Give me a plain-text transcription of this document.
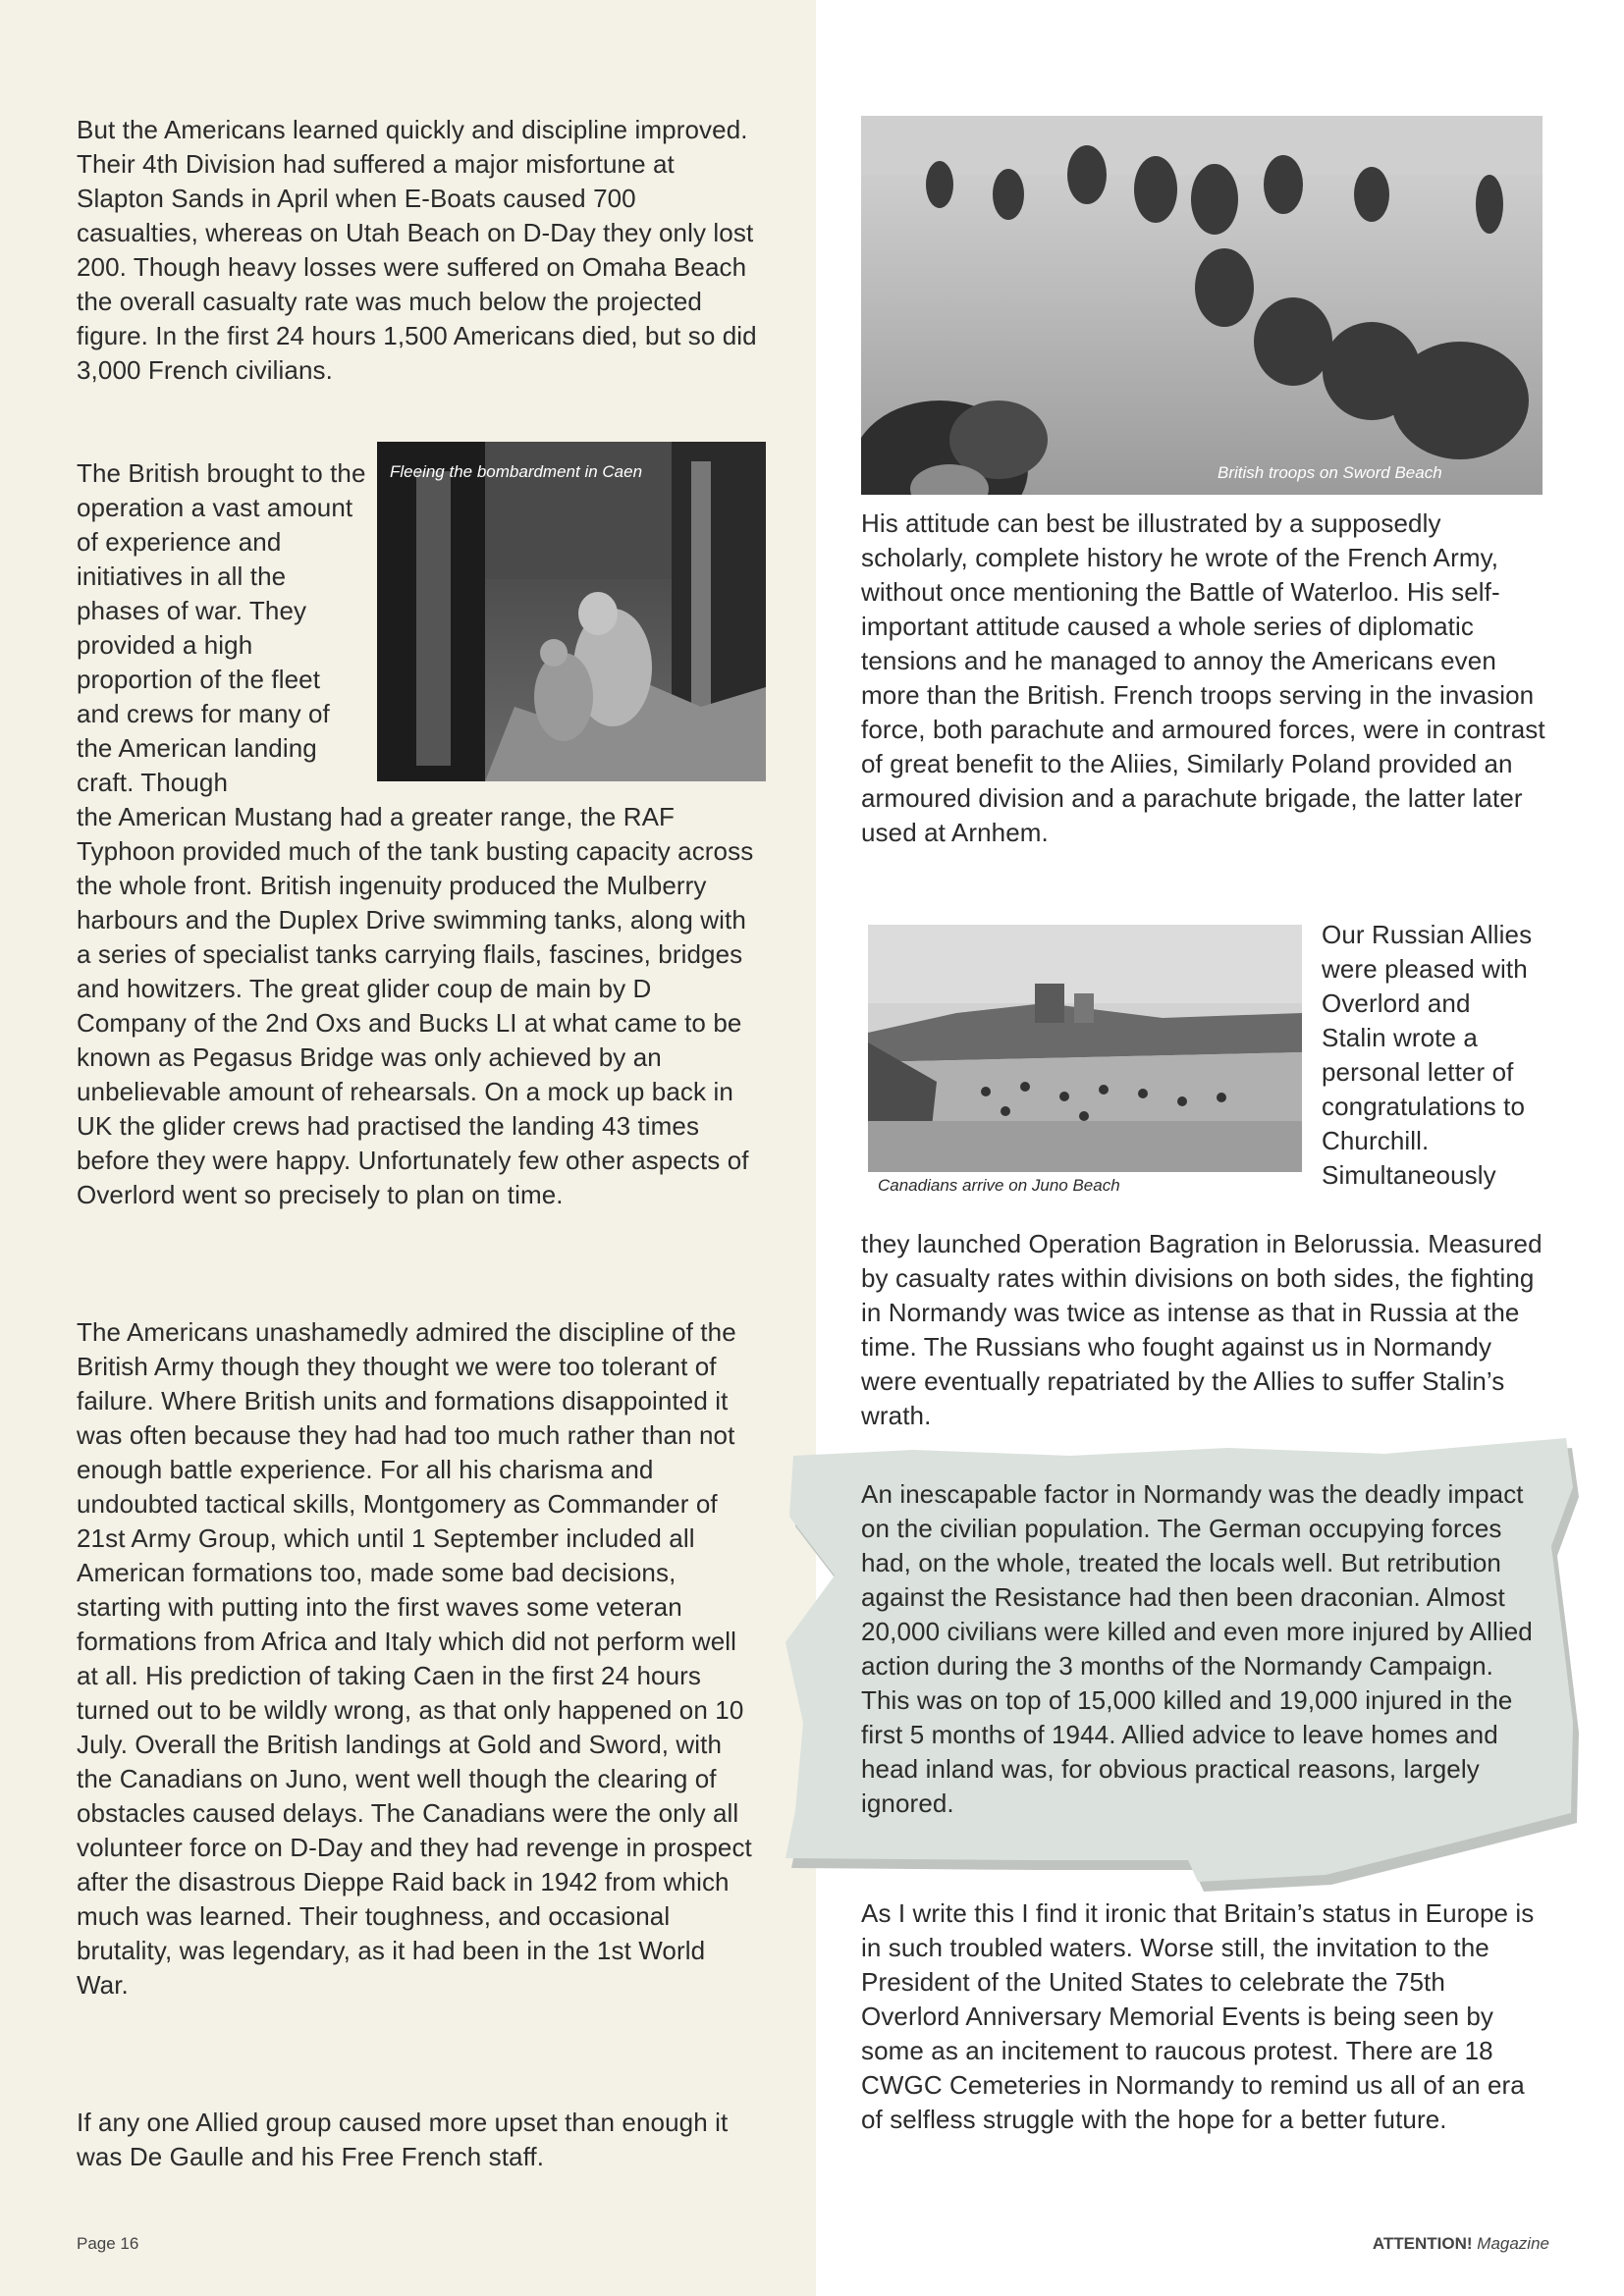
But the Americans learned quickly and discipline improved. Their 4th Division had suffered a major misfortune at Slapton Sands in April when E-Boats caused 700 casualties, whereas on Utah Beach on D-Day they only lost 200. Though heavy losses were suffered on Omaha Beach the overall casualty rate was much below the projected figure. In the first 24 hours 1,500 Americans died, but so did 3,000 French civilians.

The British brought to the operation a vast amount of experience and initiatives in all the phases of war. They provided a high proportion of the fleet and crews for many of the American landing craft. Though

Fleeing the bombardment in Caen

the American Mustang had a greater range, the RAF Typhoon provided much of the tank busting capacity across the whole front. British ingenuity produced the Mulberry harbours and the Duplex Drive swimming tanks, along with a series of specialist tanks carrying flails, fascines, bridges and howitzers. The great glider coup de main by D Company of the 2nd Oxs and Bucks LI at what came to be known as Pegasus Bridge was only achieved by an unbelievable amount of rehearsals. On a mock up back in UK the glider crews had practised the landing 43 times before they were happy. Unfortunately few other aspects of Overlord went so precisely to plan on time.

The Americans unashamedly admired the discipline of the British Army though they thought we were too tolerant of failure. Where British units and formations disappointed it was often because they had had too much rather than not enough battle experience. For all his charisma and undoubted tactical skills, Montgomery as Commander of 21st Army Group, which until 1 September included all American formations too, made some bad decisions, starting with putting into the first waves some veteran formations from Africa and Italy which did not perform well at all. His prediction of taking Caen in the first 24 hours turned out to be wildly wrong, as that only happened on 10 July. Overall the British landings at Gold and Sword, with the Canadians on Juno, went well though the clearing of obstacles caused delays. The Canadians were the only all volunteer force on D-Day and they had revenge in prospect after the disastrous Dieppe Raid back in 1942 from which much was learned. Their toughness, and occasional brutality, was legendary, as it had been in the 1st World War.

If any one Allied group caused more upset than enough it was De Gaulle and his Free French staff.

British troops on Sword Beach

His attitude can best be illustrated by a supposedly scholarly, complete history he wrote of the French Army, without once mentioning the Battle of Waterloo. His self- important attitude caused a whole series of diplomatic tensions and he managed to annoy the Americans even more than the British. French troops serving in the invasion force, both parachute and armoured forces, were in contrast of great benefit to the Aliies, Similarly Poland provided an armoured division and a parachute brigade, the latter later used at Arnhem.

Canadians arrive on Juno Beach

Our Russian Allies were pleased with Overlord and Stalin wrote a personal letter of congratulations to Churchill. Simultaneously

they launched Operation Bagration in Belorussia. Measured by casualty rates within divisions on both sides, the fighting in Normandy was twice as intense as that in Russia at the time. The Russians who fought against us in Normandy were eventually repatriated by the Allies to suffer Stalin’s wrath.

An inescapable factor in Normandy was the deadly impact on the civilian population. The German occupying forces had, on the whole, treated the locals well. But retribution against the Resistance had then been draconian. Almost 20,000 civilians were killed and even more injured by Allied action during the 3 months of the Normandy Campaign. This was on top of 15,000 killed and 19,000 injured in the first 5 months of 1944. Allied advice to leave homes and head inland was, for obvious practical reasons, largely ignored.

As I write this I find it ironic that Britain’s status in Europe is in such troubled waters. Worse still, the invitation to the President of the United States to celebrate the 75th Overlord Anniversary Memorial Events is being seen by some as an incitement to raucous protest. There are 18 CWGC Cemeteries in Normandy to remind us all of an era of selfless struggle with the hope for a better future.

Page 16	ATTENTION! Magazine
